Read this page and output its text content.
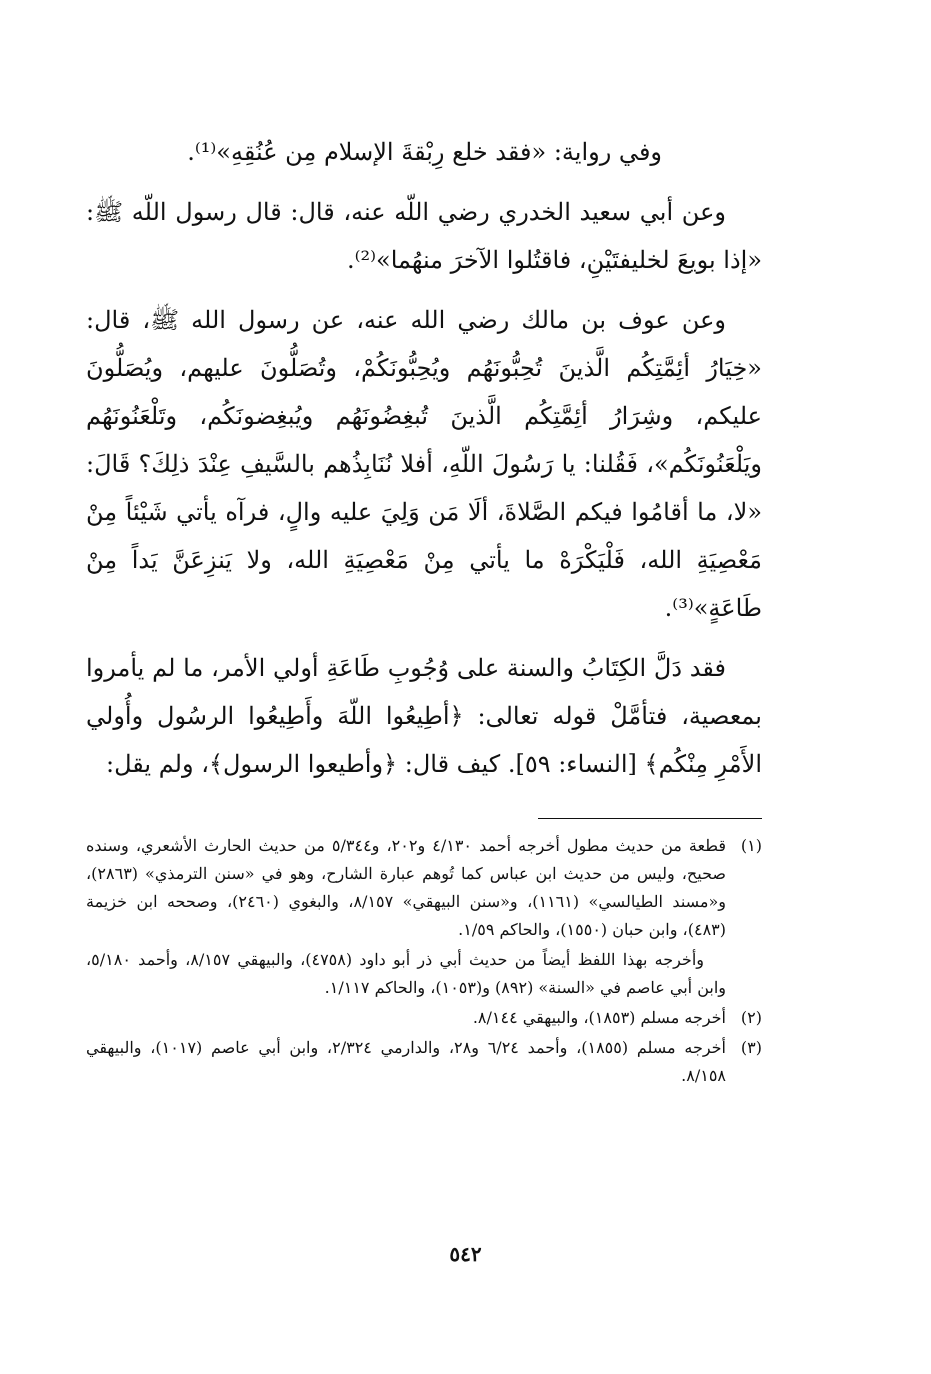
وفي رواية: «فقد خلع رِبْقةَ الإسلام مِن عُنُقِهِ»⁽¹⁾.

وعن أبي سعيد الخدري رضي اللّه عنه، قال: قال رسول اللّه ﷺ: «إذا بويعَ لخليفتَيْنِ، فاقتُلوا الآخرَ منهُما»⁽²⁾.

وعن عوف بن مالك رضي الله عنه، عن رسول الله ﷺ، قال: «خِيَارُ أئِمَّتِكُم الَّذينَ تُحِبُّونَهُم ويُحِبُّونَكُمْ، وتُصَلُّونَ عليهم، ويُصَلُّونَ عليكم، وشِرَارُ أئِمَّتِكُم الَّذينَ تُبغِضُونَهُم ويُبغِضونَكُم، وتَلْعَنُونَهُم ويَلْعَنُونَكُم»، فَقُلنا: يا رَسُولَ اللّهِ، أفلا نُنَابِذُهم بالسَّيفِ عِنْدَ ذلِكَ؟ قَالَ: «لا، ما أقامُوا فيكم الصَّلاةَ، ألَا مَن وَلِيَ عليه والٍ، فرآه يأتي شَيْئاً مِنْ مَعْصِيَةِ الله، فَلْيَكْرَهْ ما يأتي مِنْ مَعْصِيَةِ الله، ولا يَنزِعَنَّ يَداً مِنْ طَاعَةٍ»⁽³⁾.

فقد دَلَّ الكِتَابُ والسنة على وُجُوبِ طَاعَةِ أولي الأمر، ما لم يأمروا بمعصية، فتأمَّلْ قوله تعالى: ﴿أطِيعُوا اللّهَ وأَطِيعُوا الرسُول وأُولي الأَمْرِ مِنْكُم﴾ [النساء: ٥٩]. كيف قال: ﴿وأطيعوا الرسول﴾، ولم يقل:

(١)
قطعة من حديث مطول أخرجه أحمد ٤/١٣٠ و٢٠٢، و٥/٣٤٤ من حديث الحارث الأشعري، وسنده صحيح، وليس من حديث ابن عباس كما تُوهم عبارة الشارح، وهو في «سنن الترمذي» (٢٨٦٣)، و«مسند الطيالسي» (١١٦١)، و«سنن البيهقي» ٨/١٥٧، والبغوي (٢٤٦٠)، وصححه ابن خزيمة (٤٨٣)، وابن حبان (١٥٥٠)، والحاكم ١/٥٩.
وأخرجه بهذا اللفظ أيضاً من حديث أبي ذر أبو داود (٤٧٥٨)، والبيهقي ٨/١٥٧، وأحمد ٥/١٨٠، وابن أبي عاصم في «السنة» (٨٩٢) و(١٠٥٣)، والحاكم ١/١١٧.
(٢)
أخرجه مسلم (١٨٥٣)، والبيهقي ٨/١٤٤.
(٣)
أخرجه مسلم (١٨٥٥)، وأحمد ٦/٢٤ و٢٨، والدارمي ٢/٣٢٤، وابن أبي عاصم (١٠١٧)، والبيهقي ٨/١٥٨.
٥٤٢
